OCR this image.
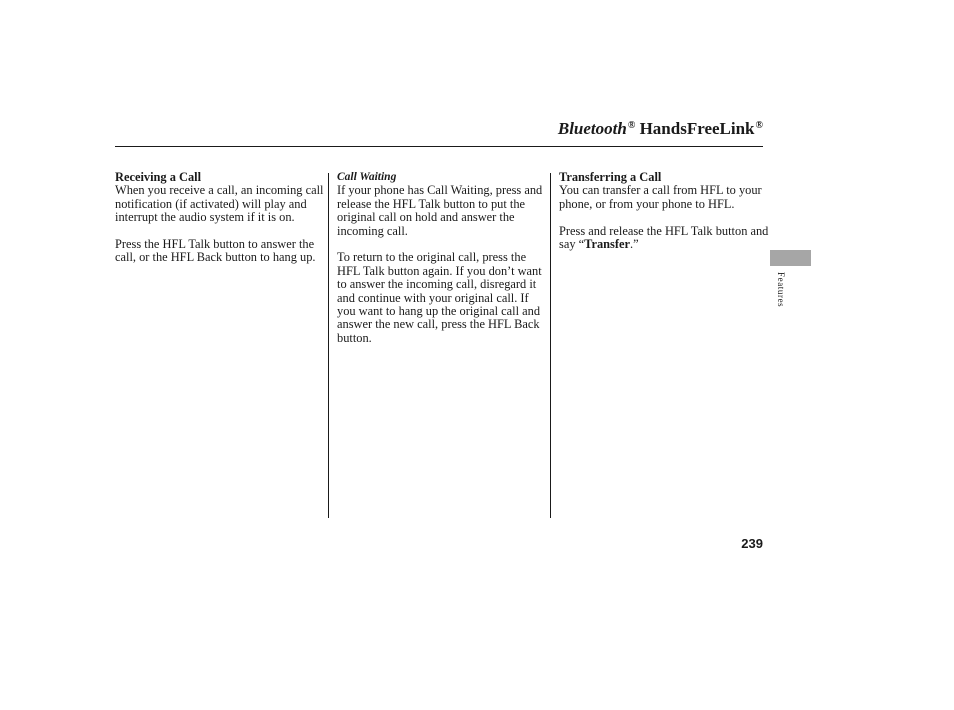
Bluetooth® HandsFreeLink®

Receiving a Call

When you receive a call, an incoming call notification (if activated) will play and interrupt the audio system if it is on.

Press the HFL Talk button to answer the call, or the HFL Back button to hang up.

Call Waiting

If your phone has Call Waiting, press and release the HFL Talk button to put the original call on hold and answer the incoming call.

To return to the original call, press the HFL Talk button again. If you don’t want to answer the incoming call, disregard it and continue with your original call. If you want to hang up the original call and answer the new call, press the HFL Back button.

Transferring a Call

You can transfer a call from HFL to your phone, or from your phone to HFL.

Press and release the HFL Talk button and say “Transfer.”

Features
239
